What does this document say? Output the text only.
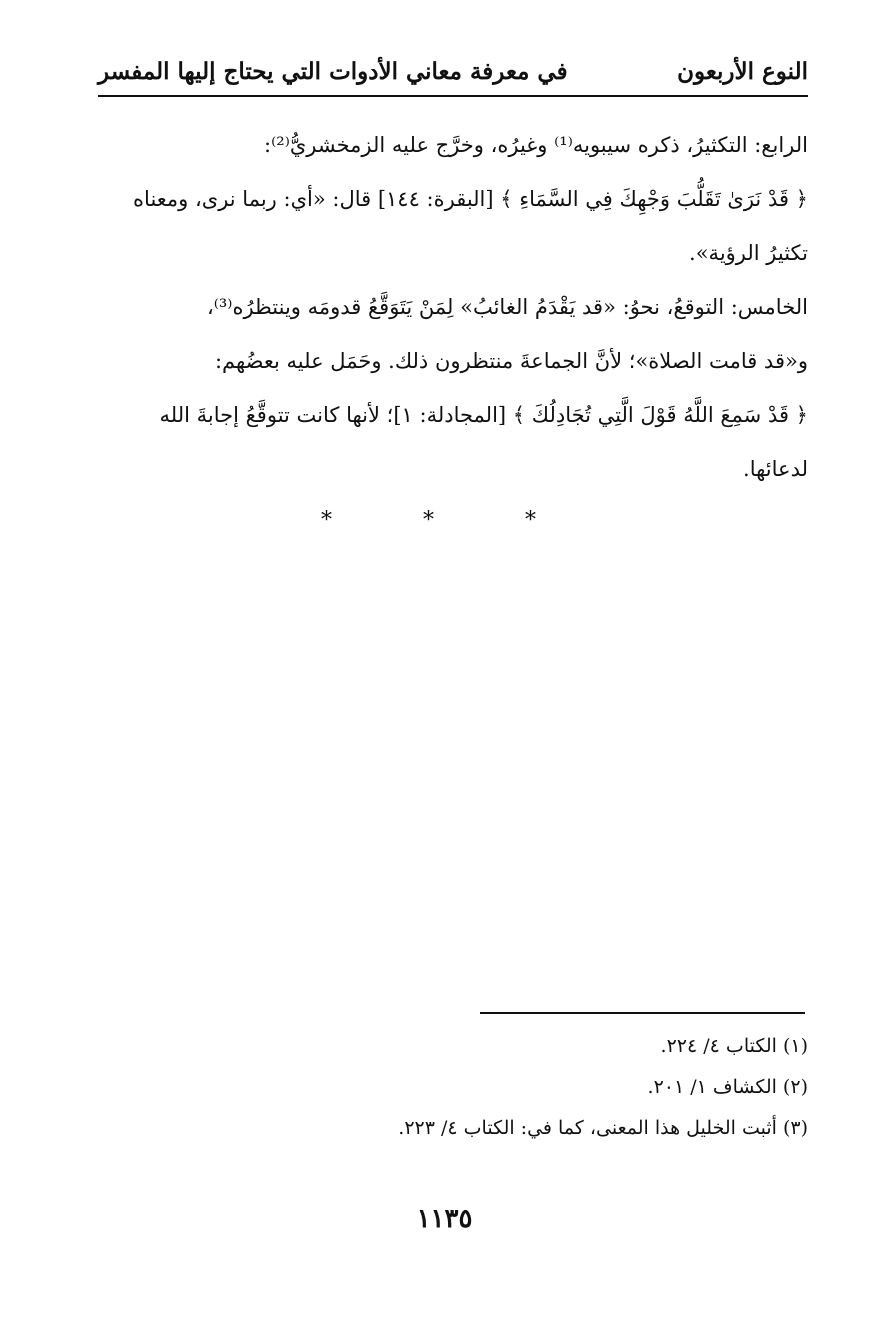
النوع الأربعون
في معرفة معاني الأدوات التي يحتاج إليها المفسر

الرابع: التكثيرُ، ذكره سيبويه⁽¹⁾ وغيرُه، وخرَّج عليه الزمخشريُّ⁽²⁾:
﴿ قَدْ نَرَىٰ تَقَلُّبَ وَجْهِكَ فِي السَّمَاءِ ﴾ [البقرة: ١٤٤] قال: «أي: ربما نرى، ومعناه
تكثيرُ الرؤية».

الخامس: التوقعُ، نحوُ: «قد يَقْدَمُ الغائبُ» لِمَنْ يَتَوَقَّعُ قدومَه وينتظرُه⁽³⁾،
و«قد قامت الصلاة»؛ لأنَّ الجماعةَ منتظرون ذلك. وحَمَل عليه بعضُهم:
﴿ قَدْ سَمِعَ اللَّهُ قَوْلَ الَّتِي تُجَادِلُكَ ﴾ [المجادلة: ١]؛ لأنها كانت تتوقَّعُ إجابةَ الله
لدعائها.

*	*	*
(١) الكتاب ٤/ ٢٢٤.
(٢) الكشاف ١/ ٢٠١.
(٣) أثبت الخليل هذا المعنى، كما في: الكتاب ٤/ ٢٢٣.
١١٣٥
